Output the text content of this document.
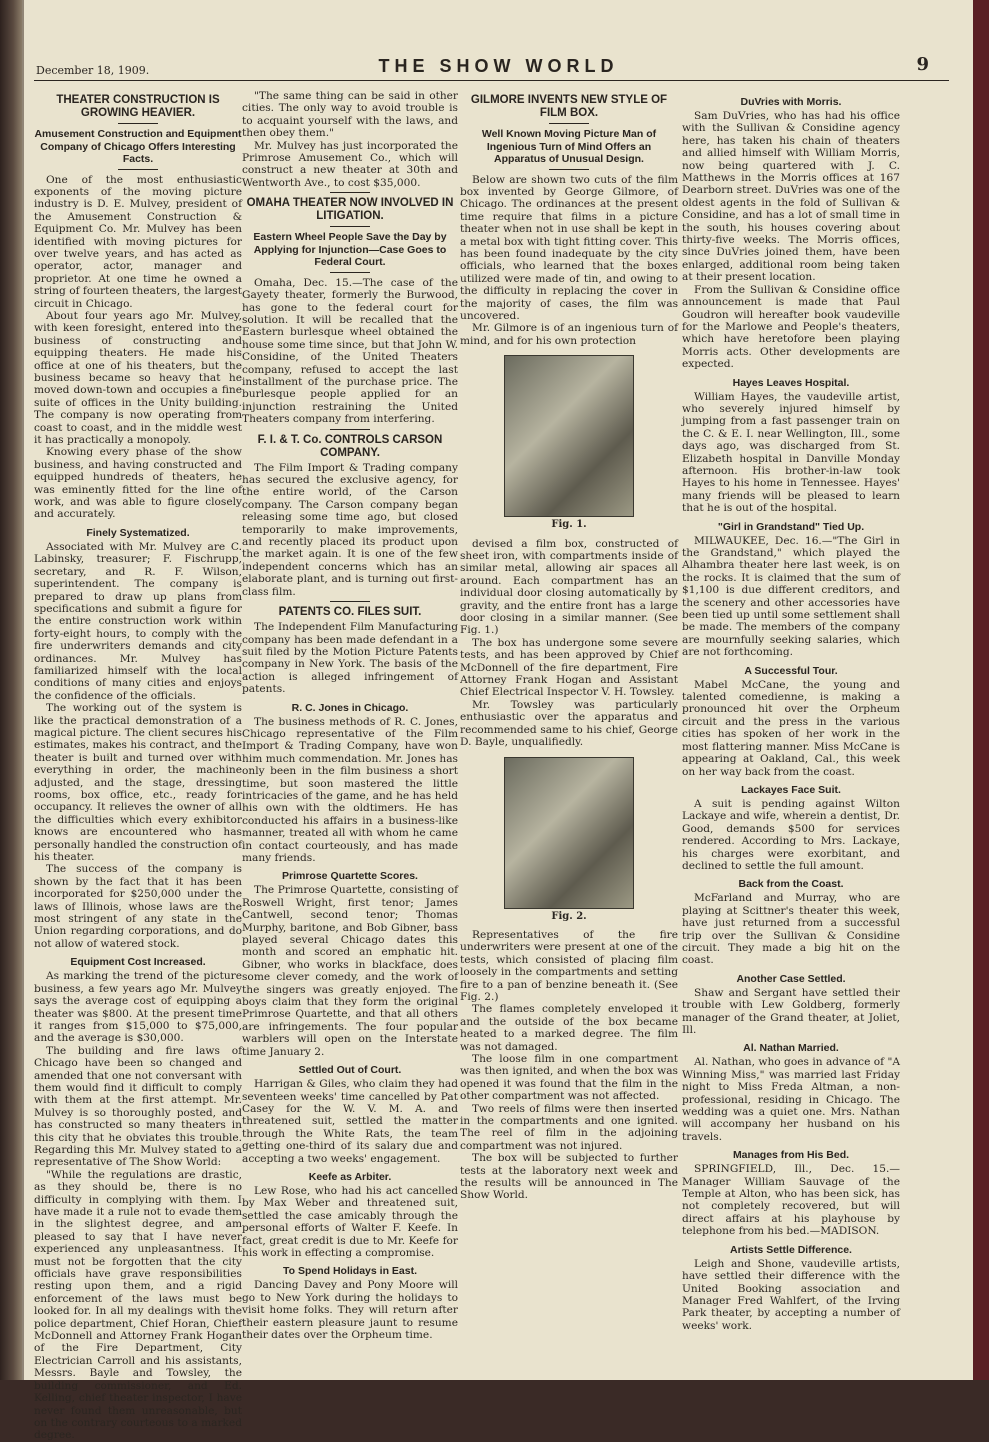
December 18, 1909.	THE SHOW WORLD	9
THEATER CONSTRUCTION IS GROWING HEAVIER.
Amusement Construction and Equipment Company of Chicago Offers Interesting Facts.

One of the most enthusiastic exponents of the moving picture industry is D. E. Mulvey, president of the Amusement Construction & Equipment Co. Mr. Mulvey has been identified with moving pictures for over twelve years, and has acted as operator, actor, manager and proprietor. At one time he owned a string of fourteen theaters, the largest circuit in Chicago.

About four years ago Mr. Mulvey, with keen foresight, entered into the business of constructing and equipping theaters. He made his office at one of his theaters, but the business became so heavy that he moved down-town and occupies a fine suite of offices in the Unity building. The company is now operating from coast to coast, and in the middle west it has practically a monopoly.

Knowing every phase of the show business, and having constructed and equipped hundreds of theaters, he was eminently fitted for the line of work, and was able to figure closely and accurately.

Finely Systematized.

Associated with Mr. Mulvey are C. Labinsky, treasurer; F. Fischrupp, secretary, and R. F. Wilson, superintendent. The company is prepared to draw up plans from specifications and submit a figure for the entire construction work within forty-eight hours, to comply with the fire underwriters demands and city ordinances. Mr. Mulvey has familiarized himself with the local conditions of many cities and enjoys the confidence of the officials.

The working out of the system is like the practical demonstration of a magical picture. The client secures his estimates, makes his contract, and the theater is built and turned over with everything in order, the machine adjusted, and the stage, dressing rooms, box office, etc., ready for occupancy. It relieves the owner of all the difficulties which every exhibitor knows are encountered who has personally handled the construction of his theater.

The success of the company is shown by the fact that it has been incorporated for $250,000 under the laws of Illinois, whose laws are the most stringent of any state in the Union regarding corporations, and do not allow of watered stock.

Equipment Cost Increased.

As marking the trend of the picture business, a few years ago Mr. Mulvey says the average cost of equipping a theater was $800. At the present time it ranges from $15,000 to $75,000, and the average is $30,000.

The building and fire laws of Chicago have been so changed and amended that one not conversant with them would find it difficult to comply with them at the first attempt. Mr. Mulvey is so thoroughly posted, and has constructed so many theaters in this city that he obviates this trouble. Regarding this Mr. Mulvey stated to a representative of The Show World:

"While the regulations are drastic, as they should be, there is no difficulty in complying with them. I have made it a rule not to evade them in the slightest degree, and am pleased to say that I have never experienced any unpleasantness. It must not be forgotten that the city officials have grave responsibilities resting upon them, and a rigid enforcement of the laws must be looked for. In all my dealings with the police department, Chief Horan, Chief McDonnell and Attorney Frank Hogan of the Fire Department, City Electrician Carroll and his assistants, Messrs. Bayle and Towsley, the building commissioner, and Ed. Kelling, chief theater inspector, I have never found them unreasonable, but on the contrary courteous to a marked degree.

"The same thing can be said in other cities. The only way to avoid trouble is to acquaint yourself with the laws, and then obey them."

Mr. Mulvey has just incorporated the Primrose Amusement Co., which will construct a new theater at 30th and Wentworth Ave., to cost $35,000.

OMAHA THEATER NOW INVOLVED IN LITIGATION.
Eastern Wheel People Save the Day by Applying for Injunction—Case Goes to Federal Court.

Omaha, Dec. 15.—The case of the Gayety theater, formerly the Burwood, has gone to the federal court for solution. It will be recalled that the Eastern burlesque wheel obtained the house some time since, but that John W. Considine, of the United Theaters company, refused to accept the last installment of the purchase price. The burlesque people applied for an injunction restraining the United Theaters company from interfering.

F. I. & T. Co. CONTROLS CARSON COMPANY.

The Film Import & Trading company has secured the exclusive agency, for the entire world, of the Carson company. The Carson company began releasing some time ago, but closed temporarily to make improvements, and recently placed its product upon the market again. It is one of the few independent concerns which has an elaborate plant, and is turning out first-class film.

PATENTS CO. FILES SUIT.

The Independent Film Manufacturing company has been made defendant in a suit filed by the Motion Picture Patents company in New York. The basis of the action is alleged infringement of patents.

R. C. Jones in Chicago.

The business methods of R. C. Jones, Chicago representative of the Film Import & Trading Company, have won him much commendation. Mr. Jones has only been in the film business a short time, but soon mastered the little intricacies of the game, and he has held his own with the oldtimers. He has conducted his affairs in a business-like manner, treated all with whom he came in contact courteously, and has made many friends.

Primrose Quartette Scores.

The Primrose Quartette, consisting of Roswell Wright, first tenor; James Cantwell, second tenor; Thomas Murphy, baritone, and Bob Gibner, bass played several Chicago dates this month and scored an emphatic hit. Gibner, who works in blackface, does some clever comedy, and the work of the singers was greatly enjoyed. The boys claim that they form the original Primrose Quartette, and that all others are infringements. The four popular warblers will open on the Interstate time January 2.

Settled Out of Court.

Harrigan & Giles, who claim they had seventeen weeks' time cancelled by Pat Casey for the W. V. M. A. and threatened suit, settled the matter through the White Rats, the team getting one-third of its salary due and accepting a two weeks' engagement.

Keefe as Arbiter.

Lew Rose, who had his act cancelled by Max Weber and threatened suit, settled the case amicably through the personal efforts of Walter F. Keefe. In fact, great credit is due to Mr. Keefe for his work in effecting a compromise.

To Spend Holidays in East.

Dancing Davey and Pony Moore will go to New York during the holidays to visit home folks. They will return after their eastern pleasure jaunt to resume their dates over the Orpheum time.

GILMORE INVENTS NEW STYLE OF FILM BOX.
Well Known Moving Picture Man of Ingenious Turn of Mind Offers an Apparatus of Unusual Design.

Below are shown two cuts of the film box invented by George Gilmore, of Chicago. The ordinances at the present time require that films in a picture theater when not in use shall be kept in a metal box with tight fitting cover. This has been found inadequate by the city officials, who learned that the boxes utilized were made of tin, and owing to the difficulty in replacing the cover in the majority of cases, the film was uncovered.

Mr. Gilmore is of an ingenious turn of mind, and for his own protection

Fig. 1.

devised a film box, constructed of sheet iron, with compartments inside of similar metal, allowing air spaces all around. Each compartment has an individual door closing automatically by gravity, and the entire front has a large door closing in a similar manner. (See Fig. 1.)

The box has undergone some severe tests, and has been approved by Chief McDonnell of the fire department, Fire Attorney Frank Hogan and Assistant Chief Electrical Inspector V. H. Towsley.

Mr. Towsley was particularly enthusiastic over the apparatus and recommended same to his chief, George D. Bayle, unqualifiedly.

Fig. 2.

Representatives of the fire underwriters were present at one of the tests, which consisted of placing film loosely in the compartments and setting fire to a pan of benzine beneath it. (See Fig. 2.)

The flames completely enveloped it and the outside of the box became heated to a marked degree. The film was not damaged.

The loose film in one compartment was then ignited, and when the box was opened it was found that the film in the other compartment was not affected.

Two reels of films were then inserted in the compartments and one ignited. The reel of film in the adjoining compartment was not injured.

The box will be subjected to further tests at the laboratory next week and the results will be announced in The Show World.

DuVries with Morris.

Sam DuVries, who has had his office with the Sullivan & Considine agency here, has taken his chain of theaters and allied himself with William Morris, now being quartered with J. C. Matthews in the Morris offices at 167 Dearborn street. DuVries was one of the oldest agents in the fold of Sullivan & Considine, and has a lot of small time in the south, his houses covering about thirty-five weeks. The Morris offices, since DuVries joined them, have been enlarged, additional room being taken at their present location.

From the Sullivan & Considine office announcement is made that Paul Goudron will hereafter book vaudeville for the Marlowe and People's theaters, which have heretofore been playing Morris acts. Other developments are expected.

Hayes Leaves Hospital.

William Hayes, the vaudeville artist, who severely injured himself by jumping from a fast passenger train on the C. & E. I. near Wellington, Ill., some days ago, was discharged from St. Elizabeth hospital in Danville Monday afternoon. His brother-in-law took Hayes to his home in Tennessee. Hayes' many friends will be pleased to learn that he is out of the hospital.

"Girl in Grandstand" Tied Up.

MILWAUKEE, Dec. 16.—"The Girl in the Grandstand," which played the Alhambra theater here last week, is on the rocks. It is claimed that the sum of $1,100 is due different creditors, and the scenery and other accessories have been tied up until some settlement shall be made. The members of the company are mournfully seeking salaries, which are not forthcoming.

A Successful Tour.

Mabel McCane, the young and talented comedienne, is making a pronounced hit over the Orpheum circuit and the press in the various cities has spoken of her work in the most flattering manner. Miss McCane is appearing at Oakland, Cal., this week on her way back from the coast.

Lackayes Face Suit.

A suit is pending against Wilton Lackaye and wife, wherein a dentist, Dr. Good, demands $500 for services rendered. According to Mrs. Lackaye, his charges were exorbitant, and declined to settle the full amount.

Back from the Coast.

McFarland and Murray, who are playing at Scittner's theater this week, have just returned from a successful trip over the Sullivan & Considine circuit. They made a big hit on the coast.

Another Case Settled.

Shaw and Sergant have settled their trouble with Lew Goldberg, formerly manager of the Grand theater, at Joliet, Ill.

Al. Nathan Married.

Al. Nathan, who goes in advance of "A Winning Miss," was married last Friday night to Miss Freda Altman, a non-professional, residing in Chicago. The wedding was a quiet one. Mrs. Nathan will accompany her husband on his travels.

Manages from His Bed.

SPRINGFIELD, Ill., Dec. 15.—Manager William Sauvage of the Temple at Alton, who has been sick, has not completely recovered, but will direct affairs at his playhouse by telephone from his bed.—MADISON.

Artists Settle Difference.

Leigh and Shone, vaudeville artists, have settled their difference with the United Booking association and Manager Fred Wahlfert, of the Irving Park theater, by accepting a number of weeks' work.
